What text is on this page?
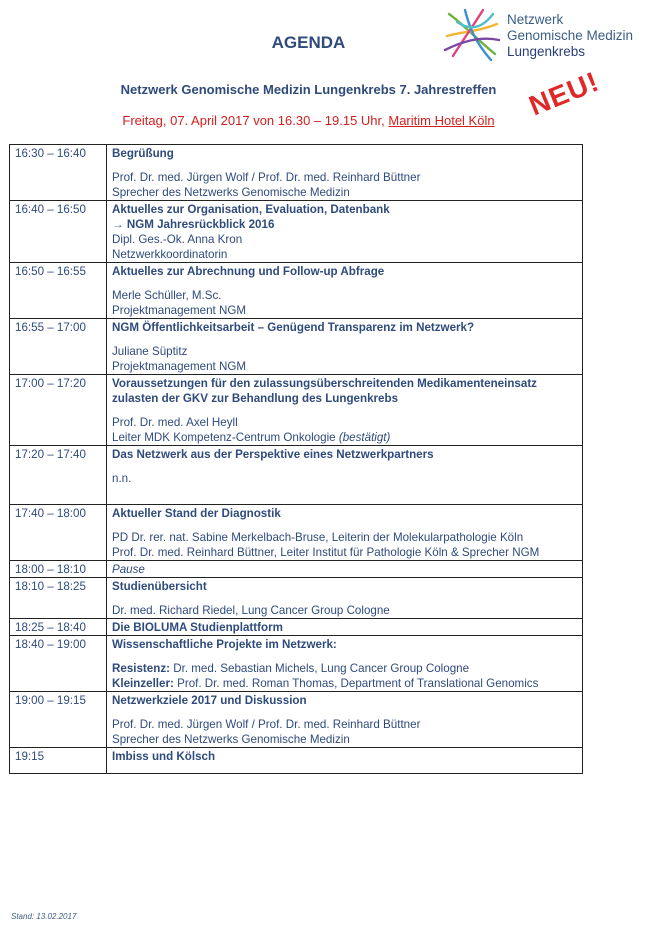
AGENDA
Netzwerk
Genomische Medizin
Lungenkrebs
Netzwerk Genomische Medizin Lungenkrebs 7. Jahrestreffen
Freitag, 07. April 2017 von 16.30 – 19.15 Uhr, Maritim Hotel Köln	NEU!
16:30 – 16:40	Begrüßung
Prof. Dr. med. Jürgen Wolf / Prof. Dr. med. Reinhard Büttner
Sprecher des Netzwerks Genomische Medizin

16:40 – 16:50	Aktuelles zur Organisation, Evaluation, Datenbank
→ NGM Jahresrückblick 2016
Dipl. Ges.-Ok. Anna Kron
Netzwerkkoordinatorin

16:50 – 16:55	Aktuelles zur Abrechnung und Follow-up Abfrage
Merle Schüller, M.Sc.
Projektmanagement NGM

16:55 – 17:00	NGM Öffentlichkeitsarbeit – Genügend Transparenz im Netzwerk?
Juliane Süptitz
Projektmanagement NGM

17:00 – 17:20	Voraussetzungen für den zulassungsüberschreitenden Medikamenteneinsatz zulasten der GKV zur Behandlung des Lungenkrebs
Prof. Dr. med. Axel Heyll
Leiter MDK Kompetenz-Centrum Onkologie (bestätigt)

17:20 – 17:40	Das Netzwerk aus der Perspektive eines Netzwerkpartners
n.n.

17:40 – 18:00	Aktueller Stand der Diagnostik
PD Dr. rer. nat. Sabine Merkelbach-Bruse, Leiterin der Molekularpathologie Köln
Prof. Dr. med. Reinhard Büttner, Leiter Institut für Pathologie Köln & Sprecher NGM

18:00 – 18:10	Pause

18:10 – 18:25	Studienübersicht
Dr. med. Richard Riedel, Lung Cancer Group Cologne

18:25 – 18:40	Die BIOLUMA Studienplattform

18:40 – 19:00	Wissenschaftliche Projekte im Netzwerk:
Resistenz: Dr. med. Sebastian Michels, Lung Cancer Group Cologne
Kleinzeller: Prof. Dr. med. Roman Thomas, Department of Translational Genomics

19:00 – 19:15	Netzwerkziele 2017 und Diskussion
Prof. Dr. med. Jürgen Wolf / Prof. Dr. med. Reinhard Büttner
Sprecher des Netzwerks Genomische Medizin

19:15	Imbiss und Kölsch
Stand: 13.02.2017
